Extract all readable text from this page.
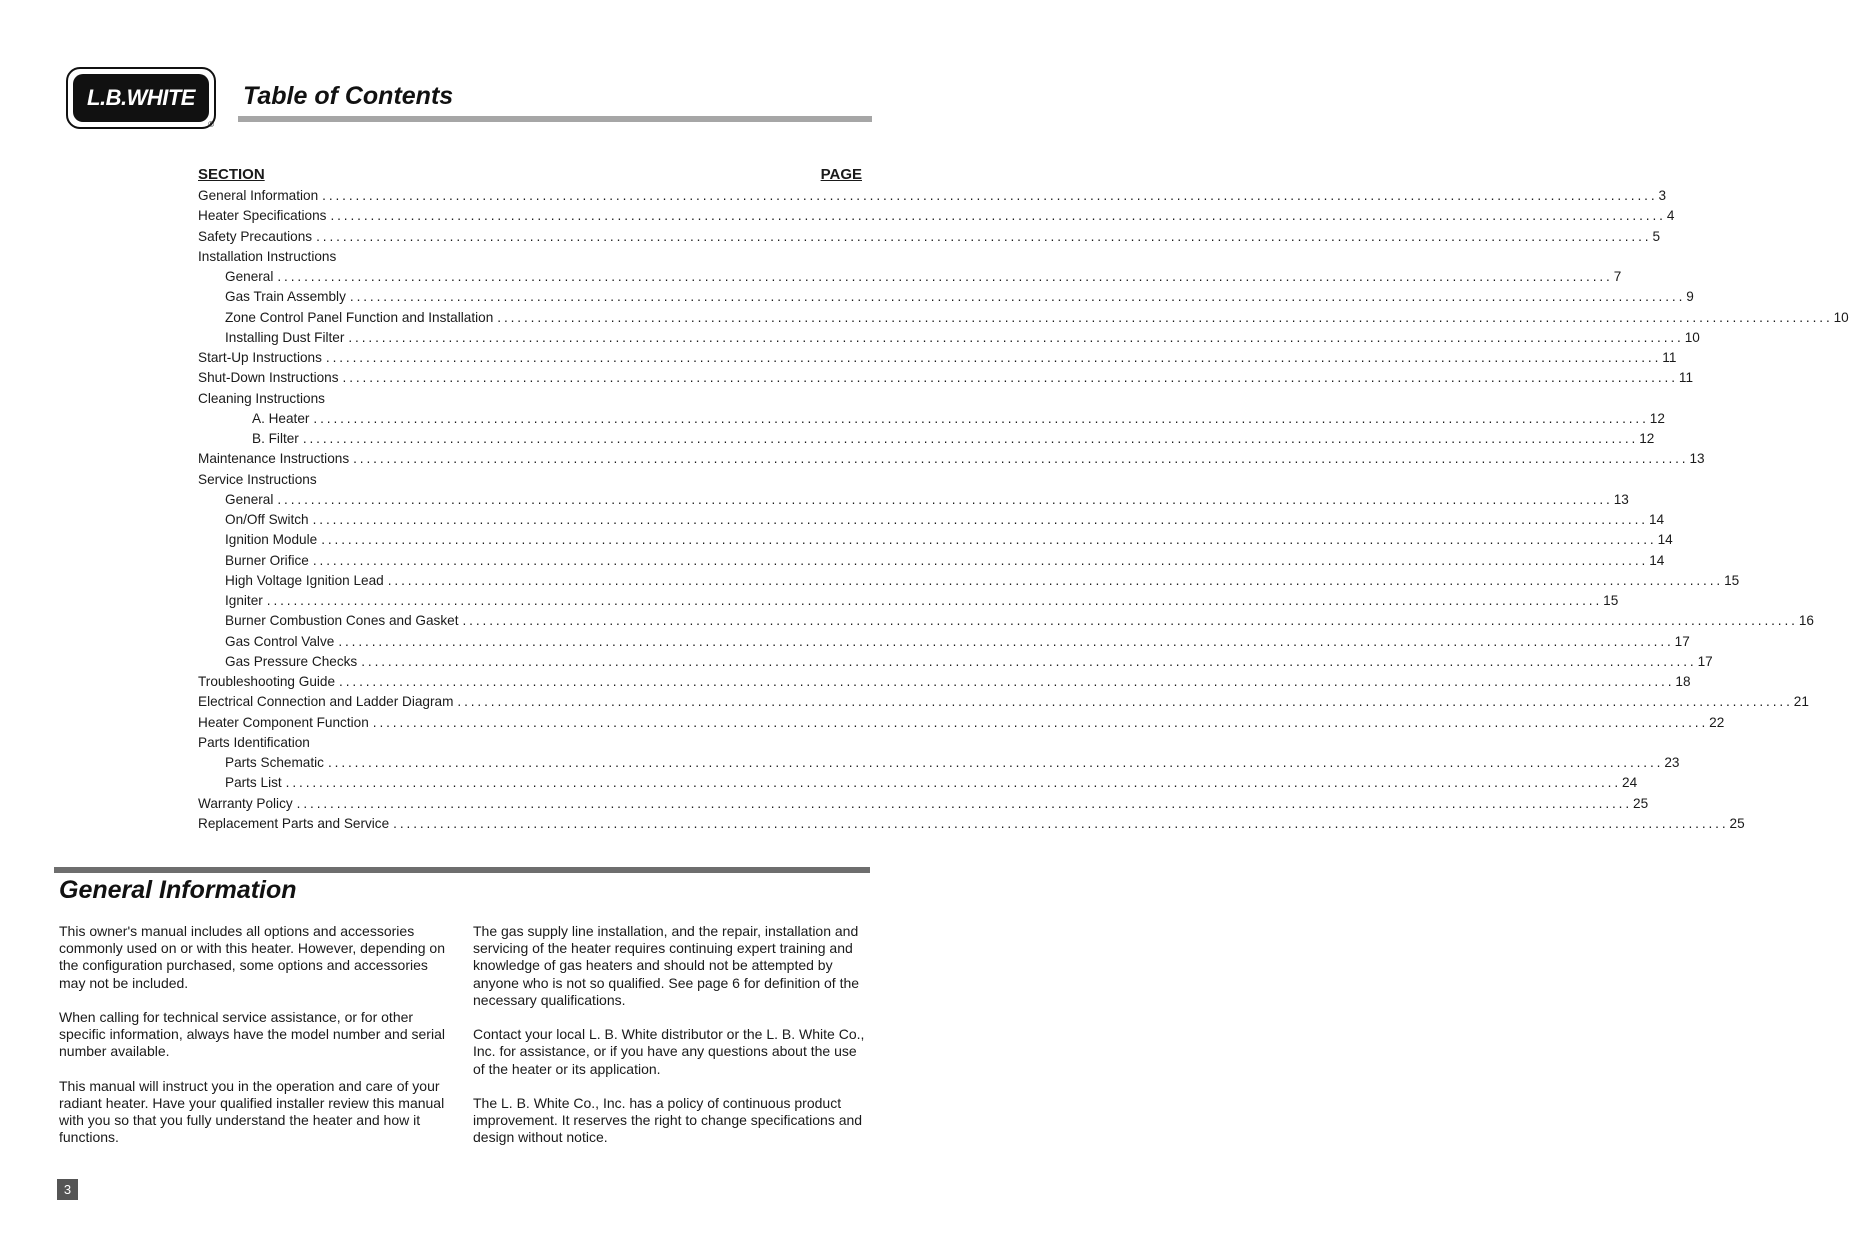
L.B.WHITE
®
Table of Contents
SECTION	PAGE
General Information ........................................................................................................................................................................................................ 3
Heater Specifications ........................................................................................................................................................................................................ 4
Safety Precautions ........................................................................................................................................................................................................ 5
Installation Instructions
General ........................................................................................................................................................................................................ 7
Gas Train Assembly ........................................................................................................................................................................................................ 9
Zone Control Panel Function and Installation ........................................................................................................................................................................................................ 10
Installing Dust Filter ........................................................................................................................................................................................................ 10
Start-Up Instructions ........................................................................................................................................................................................................ 11
Shut-Down Instructions ........................................................................................................................................................................................................ 11
Cleaning Instructions
A. Heater ........................................................................................................................................................................................................ 12
B. Filter ........................................................................................................................................................................................................ 12
Maintenance Instructions ........................................................................................................................................................................................................ 13
Service Instructions
General ........................................................................................................................................................................................................ 13
On/Off Switch ........................................................................................................................................................................................................ 14
Ignition Module ........................................................................................................................................................................................................ 14
Burner Orifice ........................................................................................................................................................................................................ 14
High Voltage Ignition Lead ........................................................................................................................................................................................................ 15
Igniter ........................................................................................................................................................................................................ 15
Burner Combustion Cones and Gasket ........................................................................................................................................................................................................ 16
Gas Control Valve ........................................................................................................................................................................................................ 17
Gas Pressure Checks ........................................................................................................................................................................................................ 17
Troubleshooting Guide ........................................................................................................................................................................................................ 18
Electrical Connection and Ladder Diagram ........................................................................................................................................................................................................ 21
Heater Component Function ........................................................................................................................................................................................................ 22
Parts Identification
Parts Schematic ........................................................................................................................................................................................................ 23
Parts List ........................................................................................................................................................................................................ 24
Warranty Policy ........................................................................................................................................................................................................ 25
Replacement Parts and Service ........................................................................................................................................................................................................ 25
General Information

This owner's manual includes all options and accessories commonly used on or with this heater. However, depending on the configuration purchased, some options and accessories may not be included.

When calling for technical service assistance, or for other specific information, always have the model number and serial number available.

This manual will instruct you in the operation and care of your radiant heater. Have your qualified installer review this manual with you so that you fully understand the heater and how it functions.

The gas supply line installation, and the repair, installation and servicing of the heater requires continuing expert training and knowledge of gas heaters and should not be attempted by anyone who is not so qualified. See page 6 for definition of the necessary qualifications.

Contact your local L. B. White distributor or the L. B. White Co., Inc. for assistance, or if you have any questions about the use of the heater or its application.

The L. B. White Co., Inc. has a policy of continuous product improvement. It reserves the right to change specifications and design without notice.

3
